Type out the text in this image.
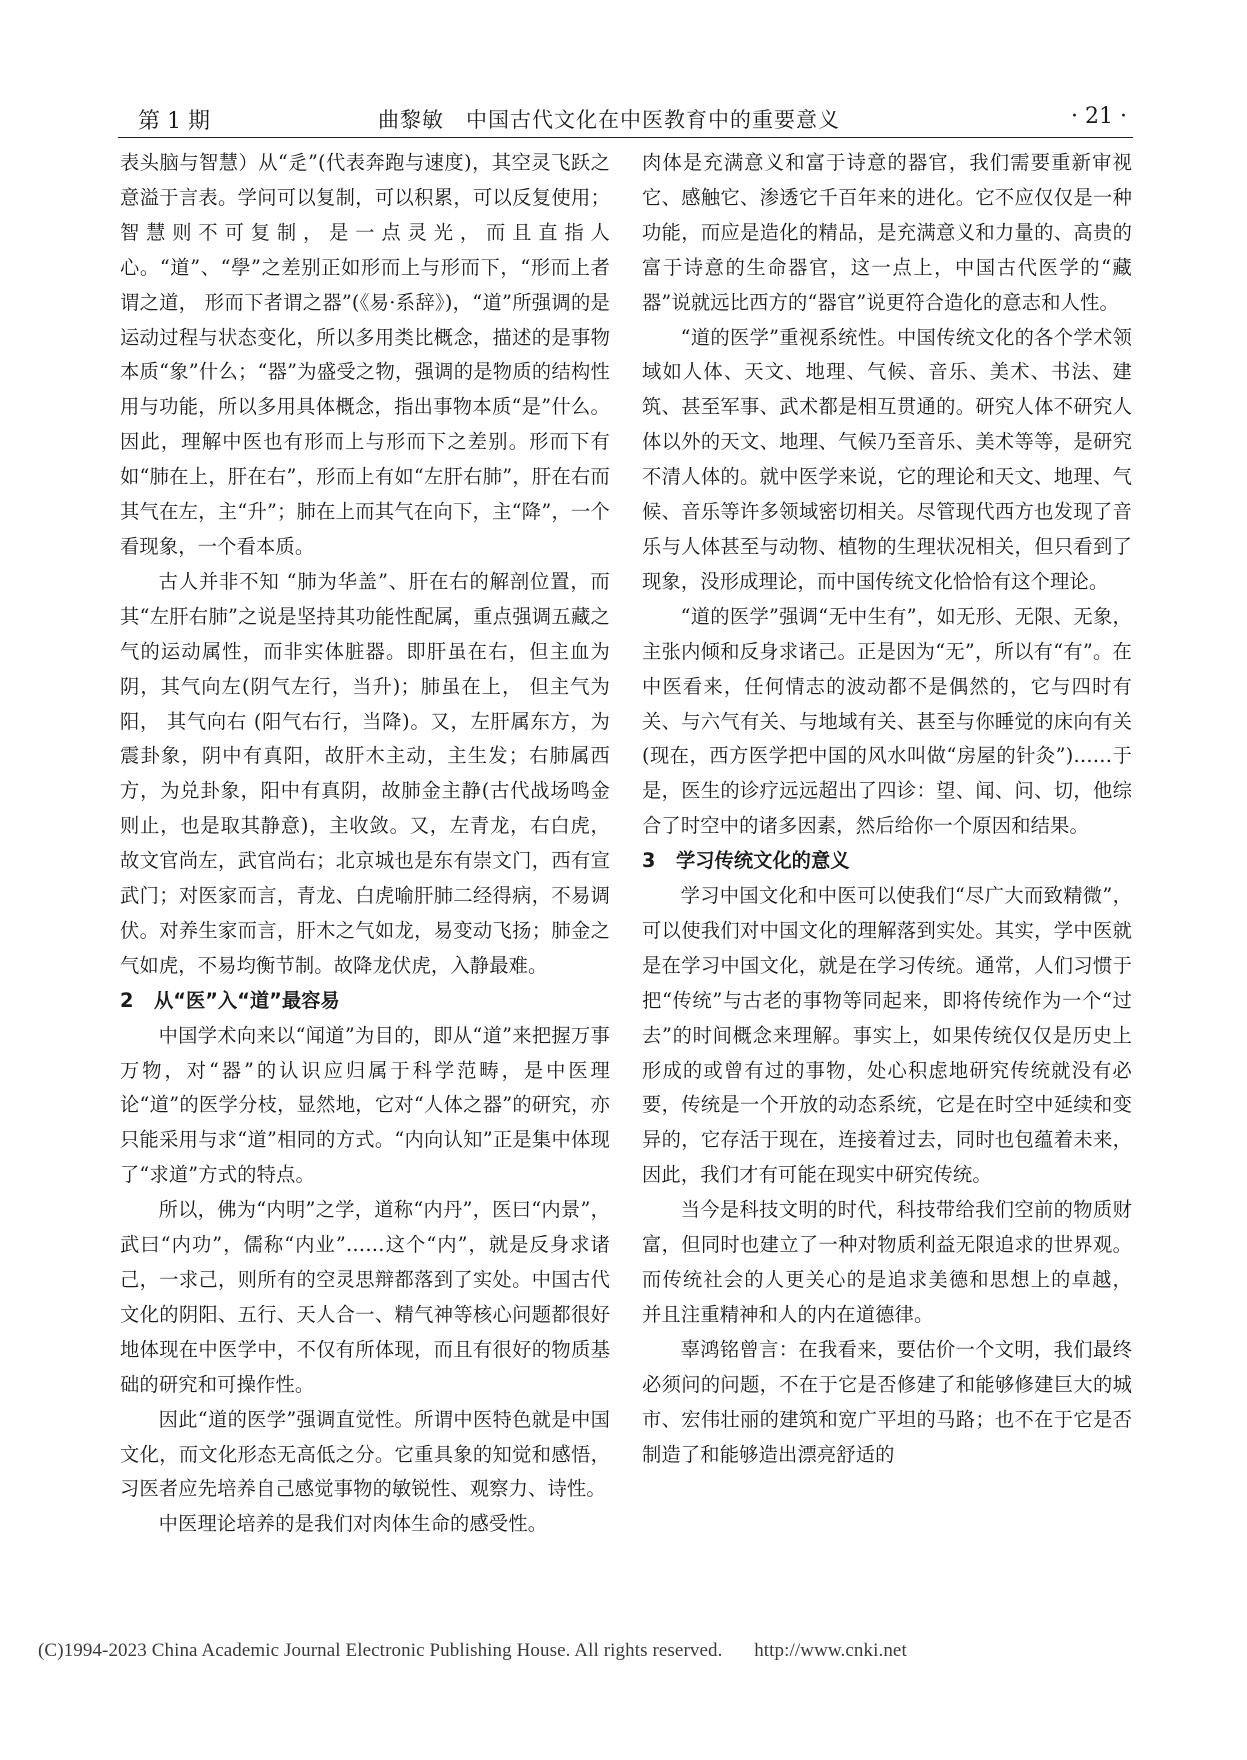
第 1 期	曲黎敏　中国古代文化在中医教育中的重要意义	· 21 ·

表头脑与智慧）从“辵”(代表奔跑与速度)，其空灵飞跃之意溢于言表。学问可以复制，可以积累，可以反复使用；智慧则不可复制，是一点灵光，而且直指人心。“道”、“學”之差别正如形而上与形而下，“形而上者谓之道， 形而下者谓之器”(《易·系辞》)，“道”所强调的是运动过程与状态变化，所以多用类比概念，描述的是事物本质“象”什么；“器”为盛受之物，强调的是物质的结构性用与功能，所以多用具体概念，指出事物本质“是”什么。因此，理解中医也有形而上与形而下之差别。形而下有如“肺在上，肝在右”，形而上有如“左肝右肺”，肝在右而其气在左，主“升”；肺在上而其气在向下，主“降”，一个看现象，一个看本质。

古人并非不知 “肺为华盖”、肝在右的解剖位置，而其“左肝右肺”之说是坚持其功能性配属，重点强调五藏之气的运动属性，而非实体脏器。即肝虽在右，但主血为阴，其气向左(阴气左行，当升)；肺虽在上， 但主气为阳， 其气向右 (阳气右行，当降)。又，左肝属东方，为震卦象，阴中有真阳，故肝木主动，主生发；右肺属西方，为兑卦象，阳中有真阴，故肺金主静(古代战场鸣金则止，也是取其静意)，主收敛。又，左青龙，右白虎，故文官尚左，武官尚右；北京城也是东有崇文门，西有宣武门；对医家而言，青龙、白虎喻肝肺二经得病，不易调伏。对养生家而言，肝木之气如龙，易变动飞扬；肺金之气如虎，不易均衡节制。故降龙伏虎，入静最难。

2 从“医”入“道”最容易

中国学术向来以“闻道”为目的，即从“道”来把握万事万物，对“器”的认识应归属于科学范畴，是中医理论“道”的医学分枝，显然地，它对“人体之器”的研究，亦只能采用与求“道”相同的方式。“内向认知”正是集中体现了“求道”方式的特点。

所以，佛为“内明”之学，道称“内丹”，医曰“内景”，武曰“内功”，儒称“内业”……这个“内”，就是反身求诸己，一求己，则所有的空灵思辩都落到了实处。中国古代文化的阴阳、五行、天人合一、精气神等核心问题都很好地体现在中医学中，不仅有所体现，而且有很好的物质基础的研究和可操作性。

因此“道的医学”强调直觉性。所谓中医特色就是中国文化，而文化形态无高低之分。它重具象的知觉和感悟，习医者应先培养自己感觉事物的敏锐性、观察力、诗性。

中医理论培养的是我们对肉体生命的感受性。

肉体是充满意义和富于诗意的器官，我们需要重新审视它、感触它、渗透它千百年来的进化。它不应仅仅是一种功能，而应是造化的精品，是充满意义和力量的、高贵的富于诗意的生命器官，这一点上，中国古代医学的“藏器”说就远比西方的“器官”说更符合造化的意志和人性。

“道的医学”重视系统性。中国传统文化的各个学术领域如人体、天文、地理、气候、音乐、美术、书法、建筑、甚至军事、武术都是相互贯通的。研究人体不研究人体以外的天文、地理、气候乃至音乐、美术等等，是研究不清人体的。就中医学来说，它的理论和天文、地理、气候、音乐等许多领域密切相关。尽管现代西方也发现了音乐与人体甚至与动物、植物的生理状况相关，但只看到了现象，没形成理论，而中国传统文化恰恰有这个理论。

“道的医学”强调“无中生有”，如无形、无限、无象，主张内倾和反身求诸己。正是因为“无”，所以有“有”。在中医看来，任何情志的波动都不是偶然的，它与四时有关、与六气有关、与地域有关、甚至与你睡觉的床向有关(现在，西方医学把中国的风水叫做“房屋的针灸”)……于是，医生的诊疗远远超出了四诊：望、闻、问、切，他综合了时空中的诸多因素，然后给你一个原因和结果。

3 学习传统文化的意义

学习中国文化和中医可以使我们“尽广大而致精微”，可以使我们对中国文化的理解落到实处。其实，学中医就是在学习中国文化，就是在学习传统。通常，人们习惯于把“传统”与古老的事物等同起来，即将传统作为一个“过去”的时间概念来理解。事实上，如果传统仅仅是历史上形成的或曾有过的事物，处心积虑地研究传统就没有必要，传统是一个开放的动态系统，它是在时空中延续和变异的，它存活于现在，连接着过去，同时也包蕴着未来，因此，我们才有可能在现实中研究传统。

当今是科技文明的时代，科技带给我们空前的物质财富，但同时也建立了一种对物质利益无限追求的世界观。而传统社会的人更关心的是追求美德和思想上的卓越， 并且注重精神和人的内在道德律。

辜鸿铭曾言：在我看来，要估价一个文明，我们最终必须问的问题，不在于它是否修建了和能够修建巨大的城市、宏伟壮丽的建筑和宽广平坦的马路；也不在于它是否制造了和能够造出漂亮舒适的

(C)1994-2023 China Academic Journal Electronic Publishing House. All rights reserved. http://www.cnki.net
